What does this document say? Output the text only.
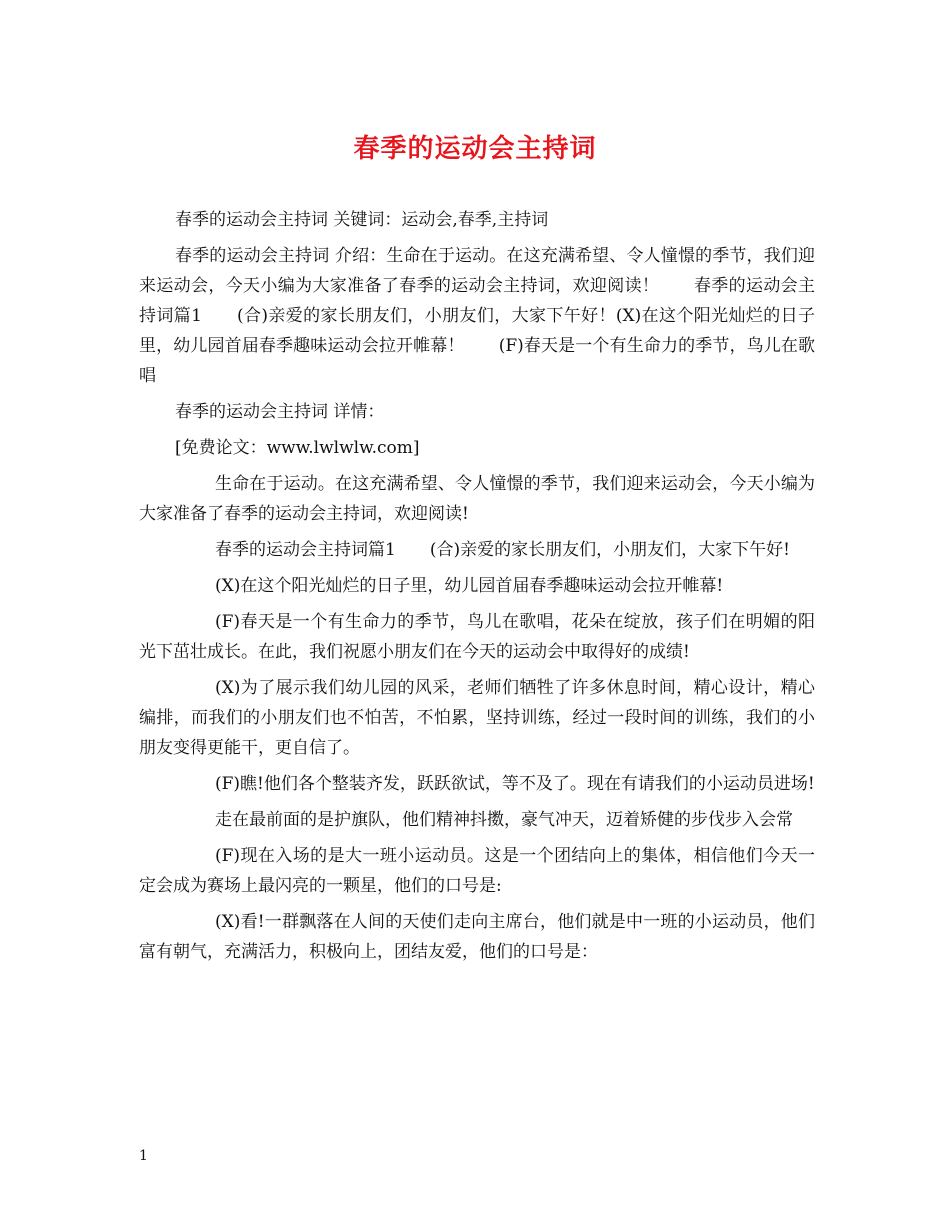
春季的运动会主持词

春季的运动会主持词 关键词：运动会,春季,主持词

春季的运动会主持词 介绍：生命在于运动。在这充满希望、令人憧憬的季节，我们迎来运动会，今天小编为大家准备了春季的运动会主持词，欢迎阅读！　　春季的运动会主持词篇1　　(合)亲爱的家长朋友们，小朋友们，大家下午好！(X)在这个阳光灿烂的日子里，幼儿园首届春季趣味运动会拉开帷幕！　　(F)春天是一个有生命力的季节，鸟儿在歌唱

春季的运动会主持词 详情：

[免费论文：www.lwlwlw.com]

生命在于运动。在这充满希望、令人憧憬的季节，我们迎来运动会，今天小编为大家准备了春季的运动会主持词，欢迎阅读!

春季的运动会主持词篇1　　(合)亲爱的家长朋友们，小朋友们，大家下午好!

(X)在这个阳光灿烂的日子里，幼儿园首届春季趣味运动会拉开帷幕!

(F)春天是一个有生命力的季节，鸟儿在歌唱，花朵在绽放，孩子们在明媚的阳光下茁壮成长。在此，我们祝愿小朋友们在今天的运动会中取得好的成绩!

(X)为了展示我们幼儿园的风采，老师们牺牲了许多休息时间，精心设计，精心编排，而我们的小朋友们也不怕苦，不怕累，坚持训练，经过一段时间的训练，我们的小朋友变得更能干，更自信了。

(F)瞧!他们各个整装齐发，跃跃欲试，等不及了。现在有请我们的小运动员进场!

走在最前面的是护旗队，他们精神抖擞，豪气冲天，迈着矫健的步伐步入会常

(F)现在入场的是大一班小运动员。这是一个团结向上的集体，相信他们今天一定会成为赛场上最闪亮的一颗星，他们的口号是:

(X)看!一群飘落在人间的天使们走向主席台，他们就是中一班的小运动员，他们富有朝气，充满活力，积极向上，团结友爱，他们的口号是：

1
